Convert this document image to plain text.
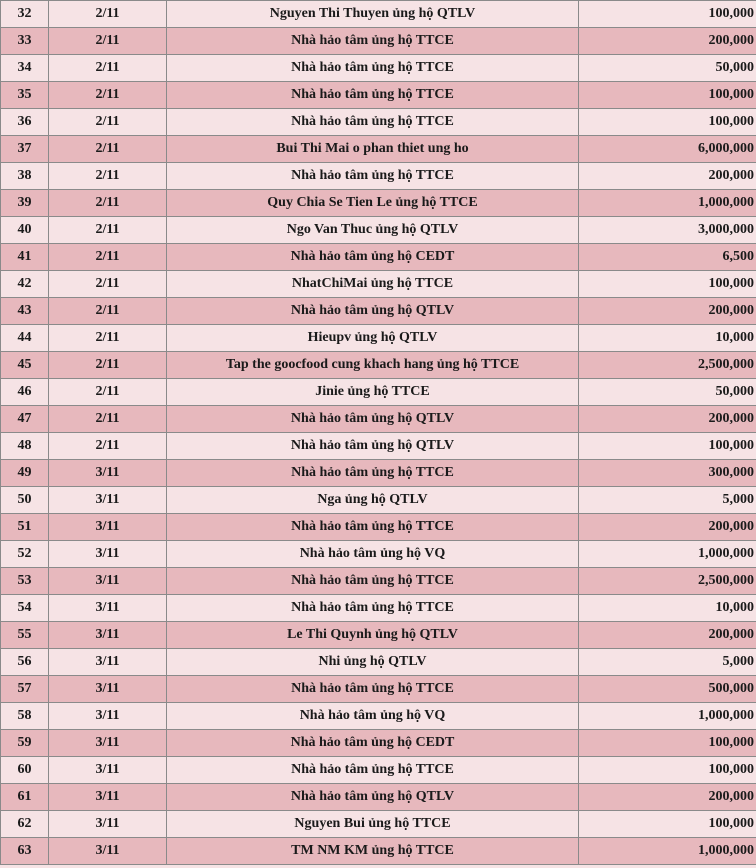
32	2/11	Nguyen Thi Thuyen ủng hộ QTLV	100,000
33	2/11	Nhà hảo tâm ủng hộ TTCE	200,000
34	2/11	Nhà hảo tâm ủng hộ TTCE	50,000
35	2/11	Nhà hảo tâm ủng hộ TTCE	100,000
36	2/11	Nhà hảo tâm ủng hộ TTCE	100,000
37	2/11	Bui Thi Mai o phan thiet ung ho	6,000,000
38	2/11	Nhà hảo tâm ủng hộ TTCE	200,000
39	2/11	Quy Chia Se Tien Le ủng hộ TTCE	1,000,000
40	2/11	Ngo Van Thuc ủng hộ QTLV	3,000,000
41	2/11	Nhà hảo tâm ủng hộ CEDT	6,500
42	2/11	NhatChiMai ủng hộ TTCE	100,000
43	2/11	Nhà hảo tâm ủng hộ QTLV	200,000
44	2/11	Hieupv ủng hộ QTLV	10,000
45	2/11	Tap the goocfood cung khach hang ủng hộ TTCE	2,500,000
46	2/11	Jinie ủng hộ TTCE	50,000
47	2/11	Nhà hảo tâm ủng hộ QTLV	200,000
48	2/11	Nhà hảo tâm ủng hộ QTLV	100,000
49	3/11	Nhà hảo tâm ủng hộ TTCE	300,000
50	3/11	Nga ủng hộ QTLV	5,000
51	3/11	Nhà hảo tâm ủng hộ TTCE	200,000
52	3/11	Nhà hảo tâm ủng hộ VQ	1,000,000
53	3/11	Nhà hảo tâm ủng hộ TTCE	2,500,000
54	3/11	Nhà hảo tâm ủng hộ TTCE	10,000
55	3/11	Le Thi Quynh ủng hộ QTLV	200,000
56	3/11	Nhi ủng hộ QTLV	5,000
57	3/11	Nhà hảo tâm ủng hộ TTCE	500,000
58	3/11	Nhà hảo tâm ủng hộ VQ	1,000,000
59	3/11	Nhà hảo tâm ủng hộ CEDT	100,000
60	3/11	Nhà hảo tâm ủng hộ TTCE	100,000
61	3/11	Nhà hảo tâm ủng hộ QTLV	200,000
62	3/11	Nguyen Bui ủng hộ TTCE	100,000
63	3/11	TM NM KM ủng hộ TTCE	1,000,000
